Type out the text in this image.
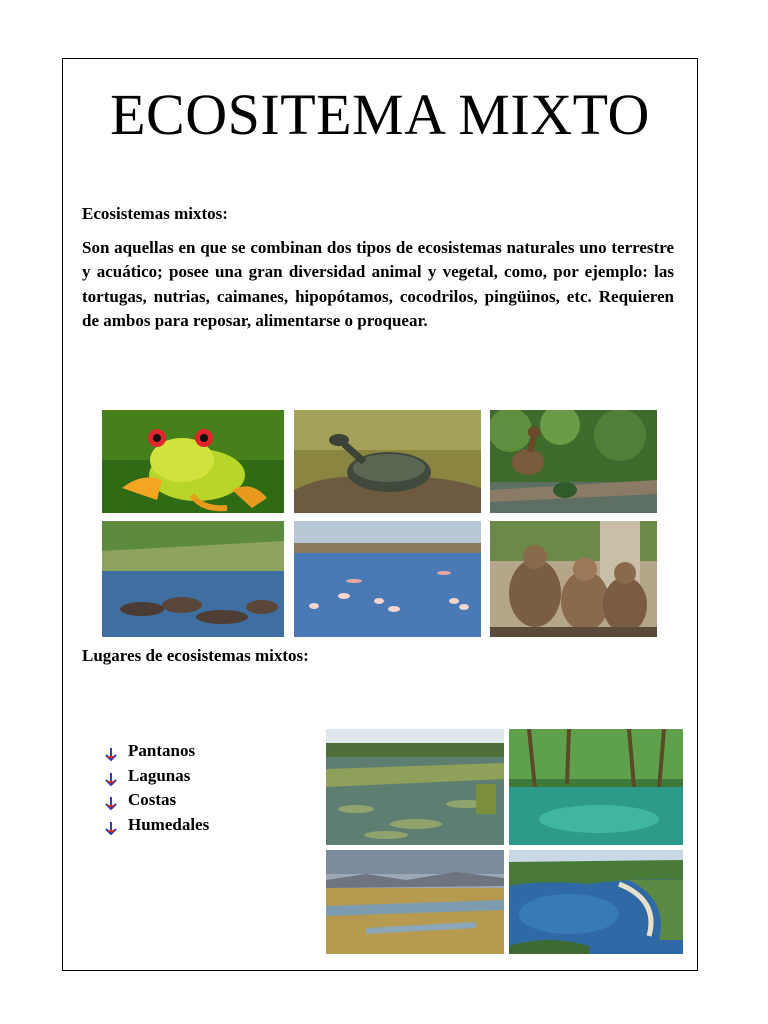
ECOSITEMA MIXTO

Ecosistemas mixtos:

Son aquellas en que se combinan dos tipos de ecosistemas naturales uno terrestre y acuático; posee una gran diversidad animal y vegetal, como, por ejemplo: las tortugas, nutrias, caimanes, hipopótamos, cocodrilos, pingüinos, etc. Requieren de ambos para reposar, alimentarse o proquear.

Lugares de ecosistemas mixtos:

Pantanos
Lagunas
Costas
Humedales
